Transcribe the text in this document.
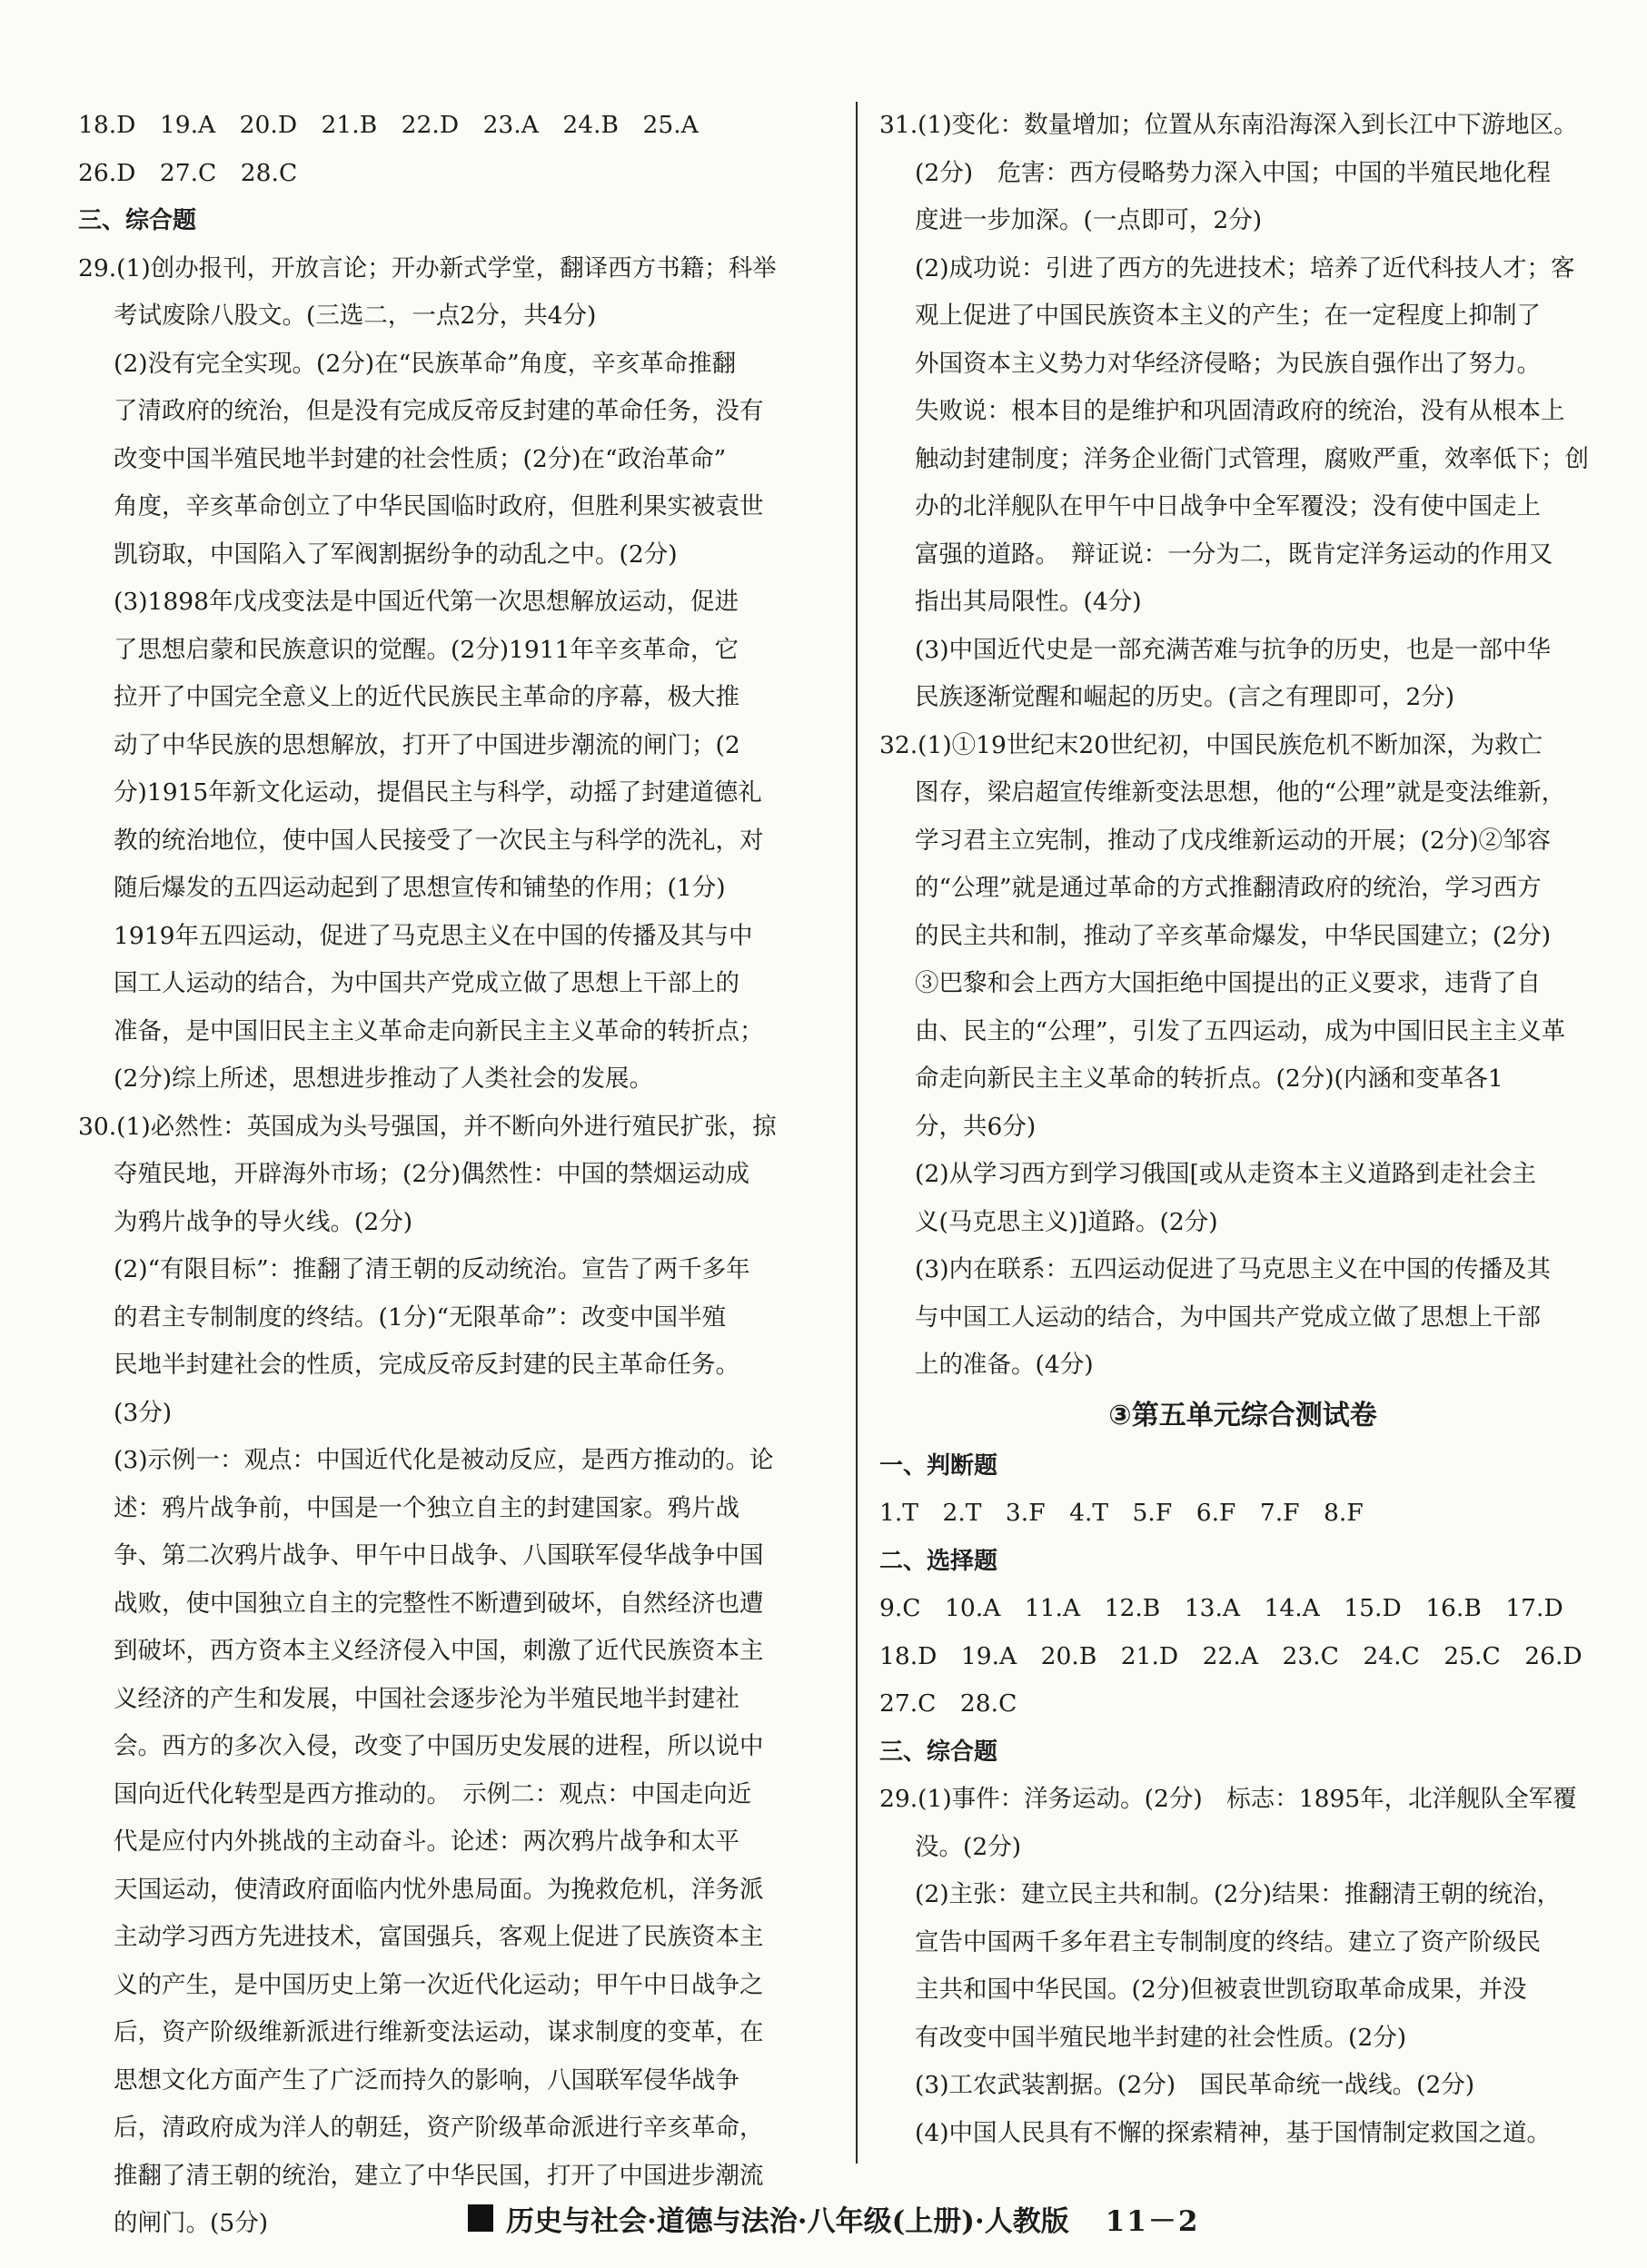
18.D　19.A　20.D　21.B　22.D　23.A　24.B　25.A
26.D　27.C　28.C
三、综合题
29.(1)创办报刊，开放言论；开办新式学堂，翻译西方书籍；科举
考试废除八股文。(三选二，一点2分，共4分)
(2)没有完全实现。(2分)在“民族革命”角度，辛亥革命推翻
了清政府的统治，但是没有完成反帝反封建的革命任务，没有
改变中国半殖民地半封建的社会性质；(2分)在“政治革命”
角度，辛亥革命创立了中华民国临时政府，但胜利果实被袁世
凯窃取，中国陷入了军阀割据纷争的动乱之中。(2分)
(3)1898年戊戌变法是中国近代第一次思想解放运动，促进
了思想启蒙和民族意识的觉醒。(2分)1911年辛亥革命，它
拉开了中国完全意义上的近代民族民主革命的序幕，极大推
动了中华民族的思想解放，打开了中国进步潮流的闸门；(2
分)1915年新文化运动，提倡民主与科学，动摇了封建道德礼
教的统治地位，使中国人民接受了一次民主与科学的洗礼，对
随后爆发的五四运动起到了思想宣传和铺垫的作用；(1分)
1919年五四运动，促进了马克思主义在中国的传播及其与中
国工人运动的结合，为中国共产党成立做了思想上干部上的
准备，是中国旧民主主义革命走向新民主主义革命的转折点；
(2分)综上所述，思想进步推动了人类社会的发展。
30.(1)必然性：英国成为头号强国，并不断向外进行殖民扩张，掠
夺殖民地，开辟海外市场；(2分)偶然性：中国的禁烟运动成
为鸦片战争的导火线。(2分)
(2)“有限目标”：推翻了清王朝的反动统治。宣告了两千多年
的君主专制制度的终结。(1分)“无限革命”：改变中国半殖
民地半封建社会的性质，完成反帝反封建的民主革命任务。
(3分)
(3)示例一：观点：中国近代化是被动反应，是西方推动的。论
述：鸦片战争前，中国是一个独立自主的封建国家。鸦片战
争、第二次鸦片战争、甲午中日战争、八国联军侵华战争中国
战败，使中国独立自主的完整性不断遭到破坏，自然经济也遭
到破坏，西方资本主义经济侵入中国，刺激了近代民族资本主
义经济的产生和发展，中国社会逐步沦为半殖民地半封建社
会。西方的多次入侵，改变了中国历史发展的进程，所以说中
国向近代化转型是西方推动的。　示例二：观点：中国走向近
代是应付内外挑战的主动奋斗。论述：两次鸦片战争和太平
天国运动，使清政府面临内忧外患局面。为挽救危机，洋务派
主动学习西方先进技术，富国强兵，客观上促进了民族资本主
义的产生，是中国历史上第一次近代化运动；甲午中日战争之
后，资产阶级维新派进行维新变法运动，谋求制度的变革，在
思想文化方面产生了广泛而持久的影响，八国联军侵华战争
后，清政府成为洋人的朝廷，资产阶级革命派进行辛亥革命，
推翻了清王朝的统治，建立了中华民国，打开了中国进步潮流
的闸门。(5分)
31.(1)变化：数量增加；位置从东南沿海深入到长江中下游地区。
(2分)　危害：西方侵略势力深入中国；中国的半殖民地化程
度进一步加深。(一点即可，2分)
(2)成功说：引进了西方的先进技术；培养了近代科技人才；客
观上促进了中国民族资本主义的产生；在一定程度上抑制了
外国资本主义势力对华经济侵略；为民族自强作出了努力。
失败说：根本目的是维护和巩固清政府的统治，没有从根本上
触动封建制度；洋务企业衙门式管理，腐败严重，效率低下；创
办的北洋舰队在甲午中日战争中全军覆没；没有使中国走上
富强的道路。　辩证说：一分为二，既肯定洋务运动的作用又
指出其局限性。(4分)
(3)中国近代史是一部充满苦难与抗争的历史，也是一部中华
民族逐渐觉醒和崛起的历史。(言之有理即可，2分)
32.(1)①19世纪末20世纪初，中国民族危机不断加深，为救亡
图存，梁启超宣传维新变法思想，他的“公理”就是变法维新，
学习君主立宪制，推动了戊戌维新运动的开展；(2分)②邹容
的“公理”就是通过革命的方式推翻清政府的统治，学习西方
的民主共和制，推动了辛亥革命爆发，中华民国建立；(2分)
③巴黎和会上西方大国拒绝中国提出的正义要求，违背了自
由、民主的“公理”，引发了五四运动，成为中国旧民主主义革
命走向新民主主义革命的转折点。(2分)(内涵和变革各1
分，共6分)
(2)从学习西方到学习俄国[或从走资本主义道路到走社会主
义(马克思主义)]道路。(2分)
(3)内在联系：五四运动促进了马克思主义在中国的传播及其
与中国工人运动的结合，为中国共产党成立做了思想上干部
上的准备。(4分)
③第五单元综合测试卷
一、判断题
1.T　2.T　3.F　4.T　5.F　6.F　7.F　8.F
二、选择题
9.C　10.A　11.A　12.B　13.A　14.A　15.D　16.B　17.D
18.D　19.A　20.B　21.D　22.A　23.C　24.C　25.C　26.D
27.C　28.C
三、综合题
29.(1)事件：洋务运动。(2分)　标志：1895年，北洋舰队全军覆
没。(2分)
(2)主张：建立民主共和制。(2分)结果：推翻清王朝的统治，
宣告中国两千多年君主专制制度的终结。建立了资产阶级民
主共和国中华民国。(2分)但被袁世凯窃取革命成果，并没
有改变中国半殖民地半封建的社会性质。(2分)
(3)工农武装割据。(2分)　国民革命统一战线。(2分)
(4)中国人民具有不懈的探索精神，基于国情制定救国之道。
历史与社会·道德与法治·八年级(上册)·人教版 11－2
